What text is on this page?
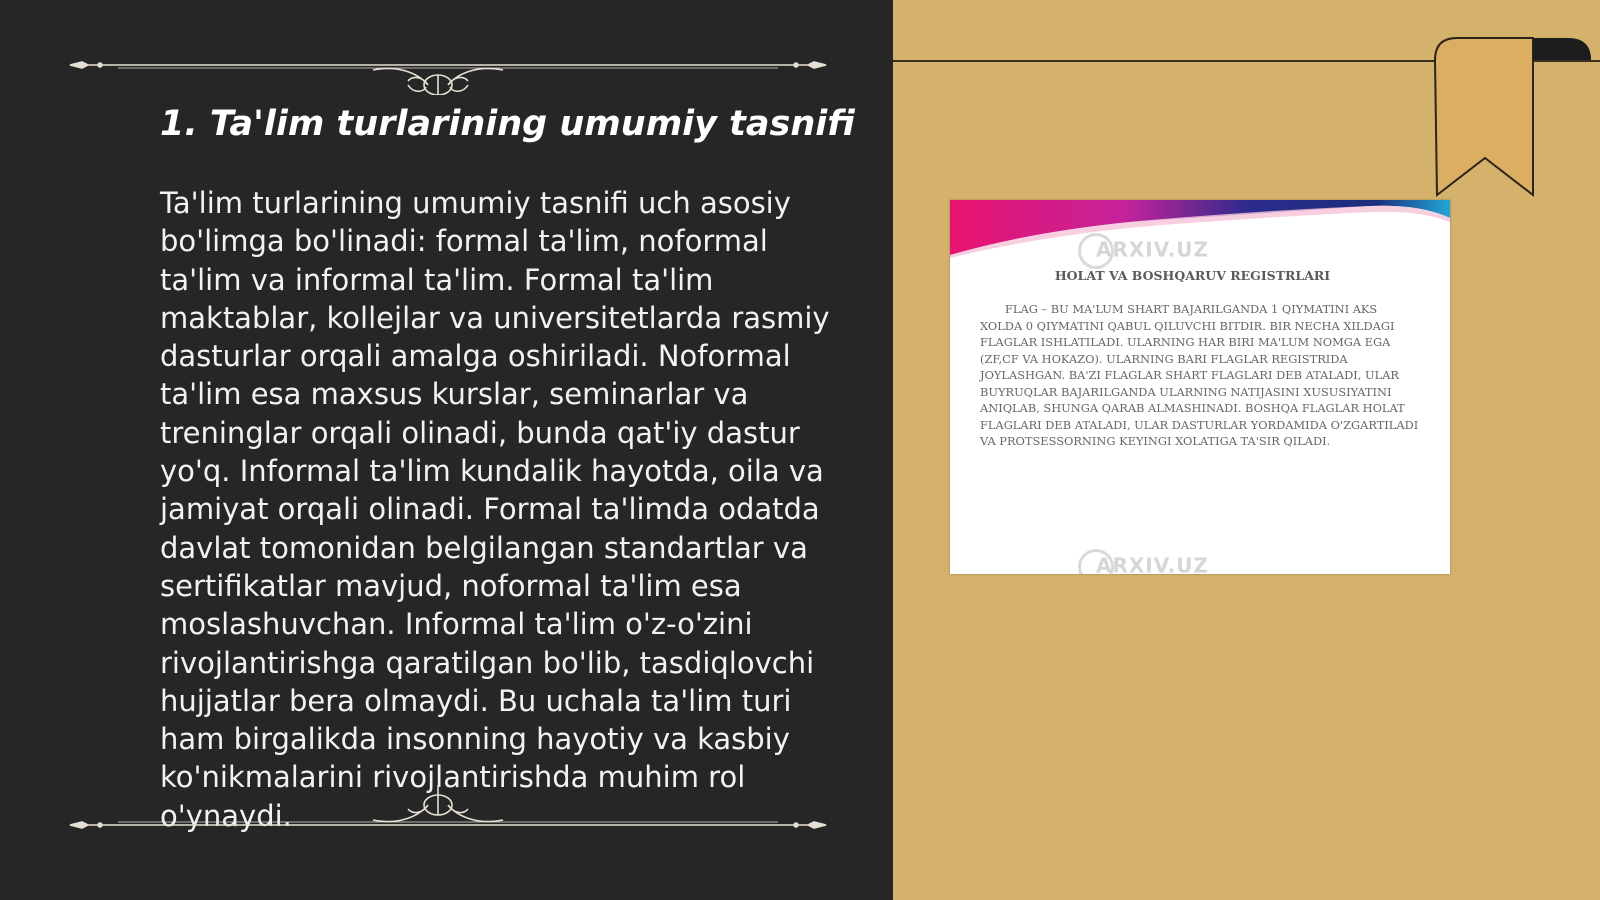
1. Ta'lim turlarining umumiy tasnifi
Ta'lim turlarining umumiy tasnifi uch asosiy bo'limga bo'linadi: formal ta'lim, noformal ta'lim va informal ta'lim. Formal ta'lim maktablar, kollejlar va universitetlarda rasmiy dasturlar orqali amalga oshiriladi. Noformal ta'lim esa maxsus kurslar, seminarlar va treninglar orqali olinadi, bunda qat'iy dastur yo'q. Informal ta'lim kundalik hayotda, oila va jamiyat orqali olinadi. Formal ta'limda odatda davlat tomonidan belgilangan standartlar va sertifikatlar mavjud, noformal ta'lim esa moslashuvchan. Informal ta'lim o'z-o'zini rivojlantirishga qaratilgan bo'lib, tasdiqlovchi hujjatlar bera olmaydi. Bu uchala ta'lim turi ham birgalikda insonning hayotiy va kasbiy ko'nikmalarini rivojlantirishda muhim rol o'ynaydi.
ARXIV.UZ
HOLAT VA BOSHQARUV REGISTRLARI
FLAG – BU MA'LUM SHART BAJARILGANDA 1 QIYMATINI AKS XOLDA 0 QIYMATINI QABUL QILUVCHI BITDIR. BIR NECHA XILDAGI FLAGLAR ISHLATILADI. ULARNING HAR BIRI MA'LUM NOMGA EGA (ZF,CF VA HOKAZO). ULARNING BARI FLAGLAR REGISTRIDA JOYLASHGAN. BA'ZI FLAGLAR SHART FLAGLARI DEB ATALADI, ULAR BUYRUQLAR BAJARILGANDA ULARNING NATIJASINI XUSUSIYATINI ANIQLAB, SHUNGA QARAB ALMASHINADI. BOSHQA FLAGLAR HOLAT FLAGLARI DEB ATALADI, ULAR DASTURLAR YORDAMIDA O'ZGARTILADI VA PROTSESSORNING KEYINGI XOLATIGA TA'SIR QILADI.
ARXIV.UZ
